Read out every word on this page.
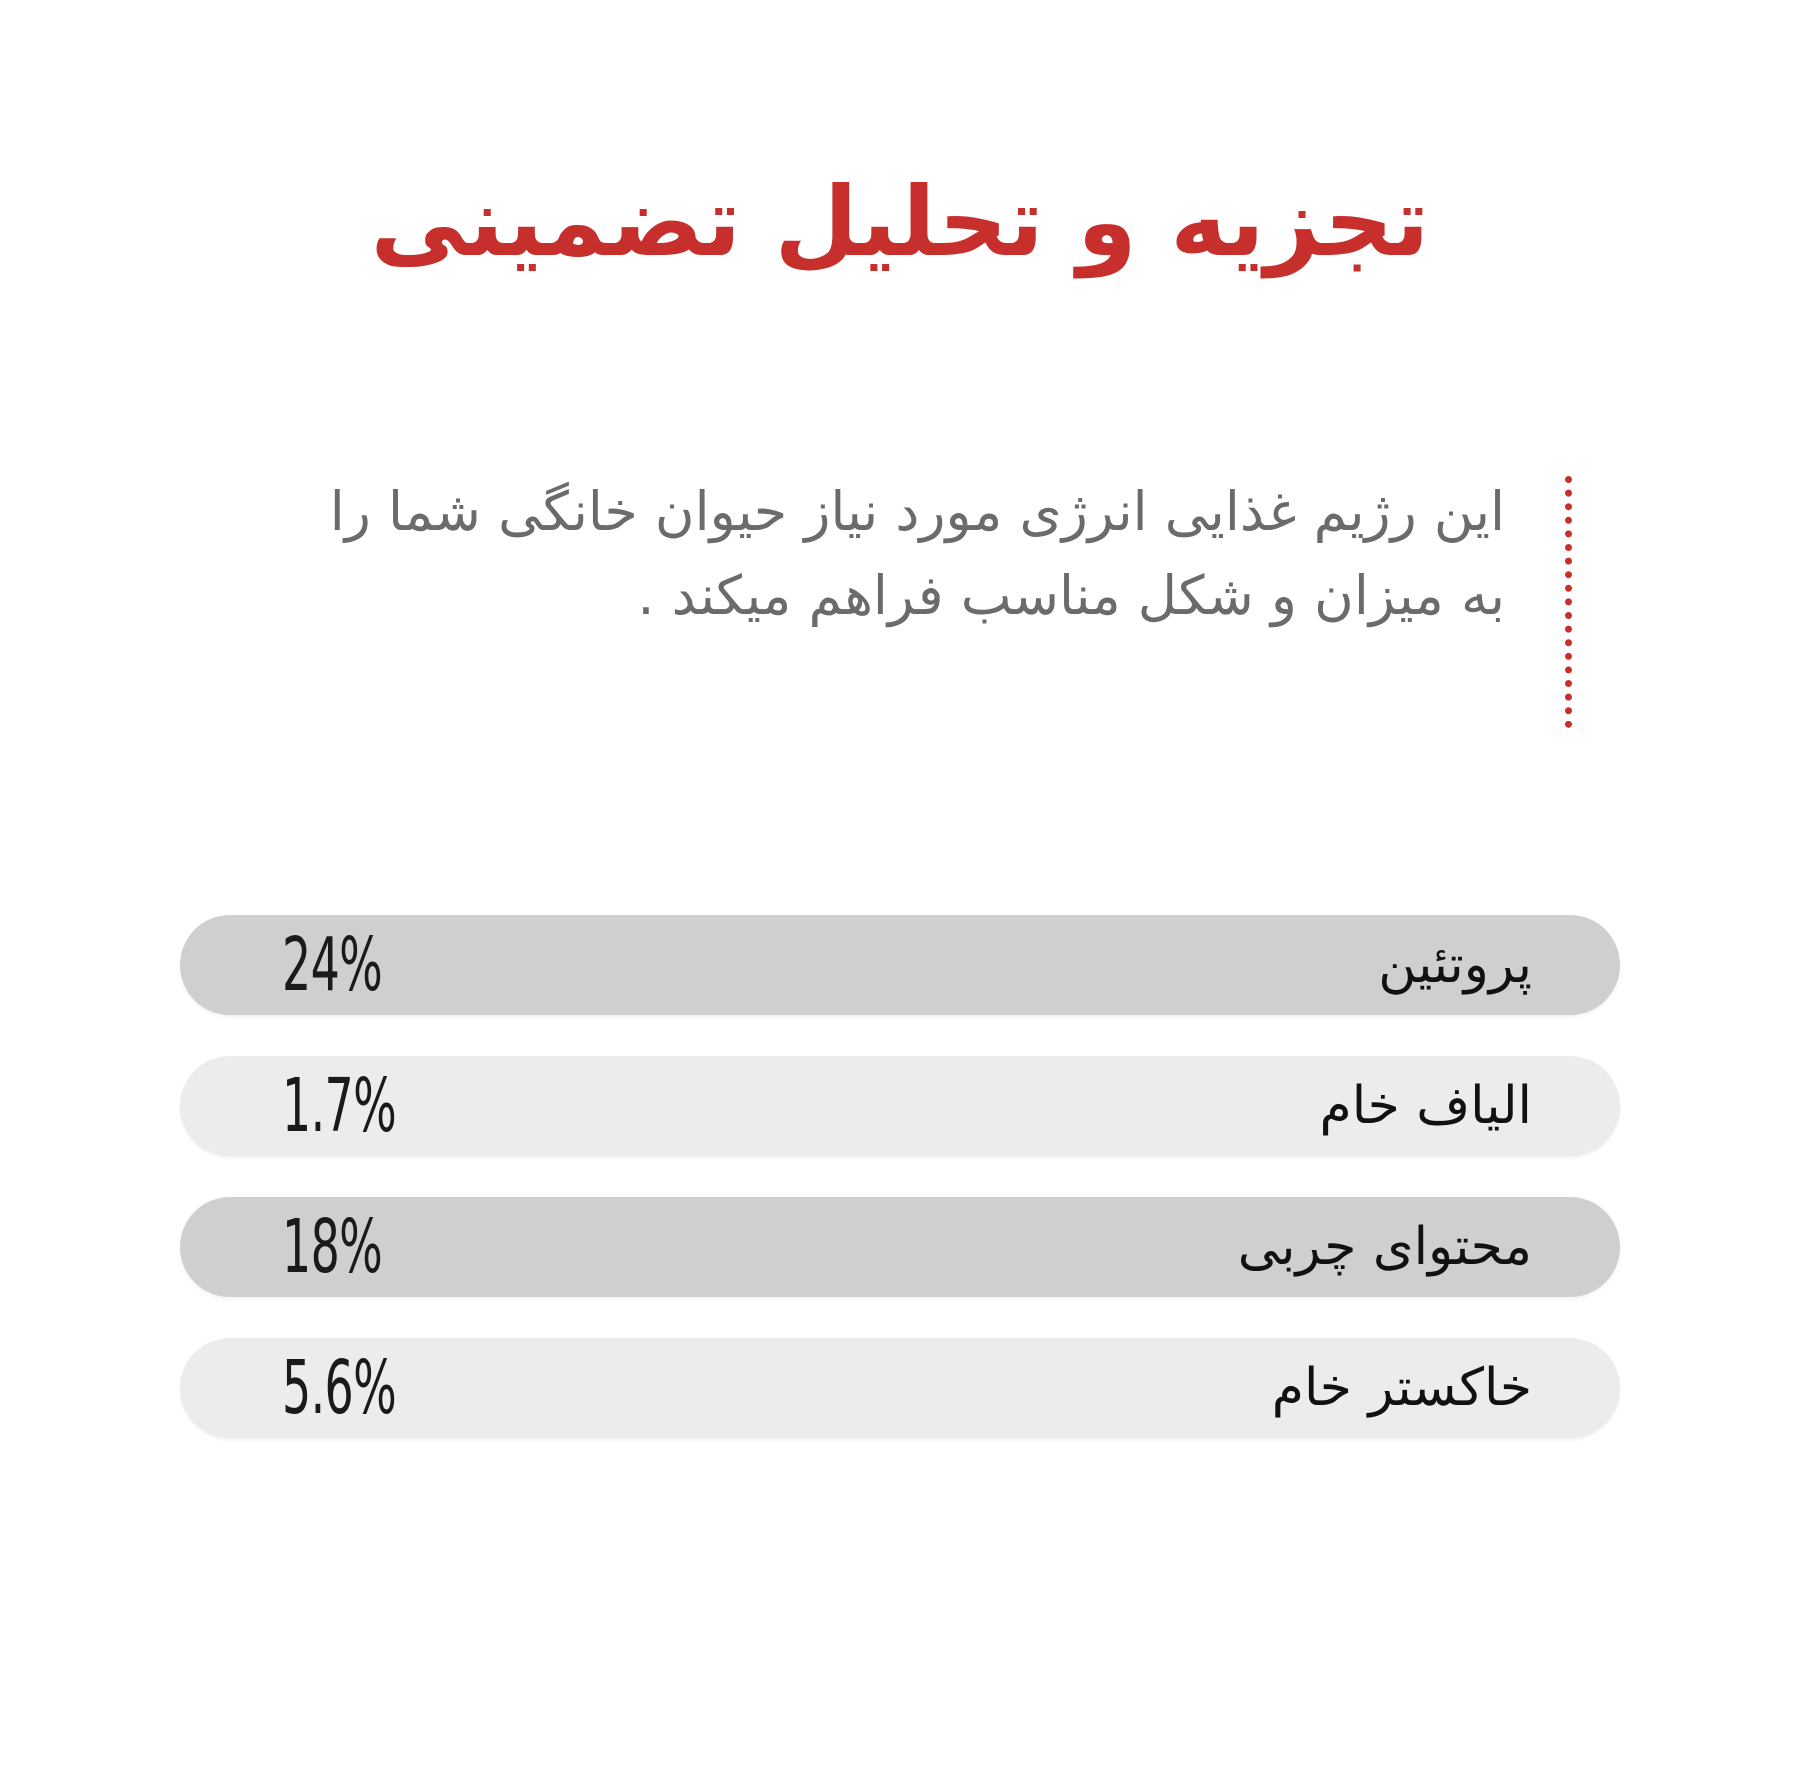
تجزیه و تحلیل تضمینی

این رژیم غذایی انرژی مورد نیاز حیوان خانگی شما را

به میزان و شکل مناسب فراهم میکند .

پروتئین
24%
الیاف خام
1.7%
محتوای چربی
18%
خاکستر خام
5.6%
